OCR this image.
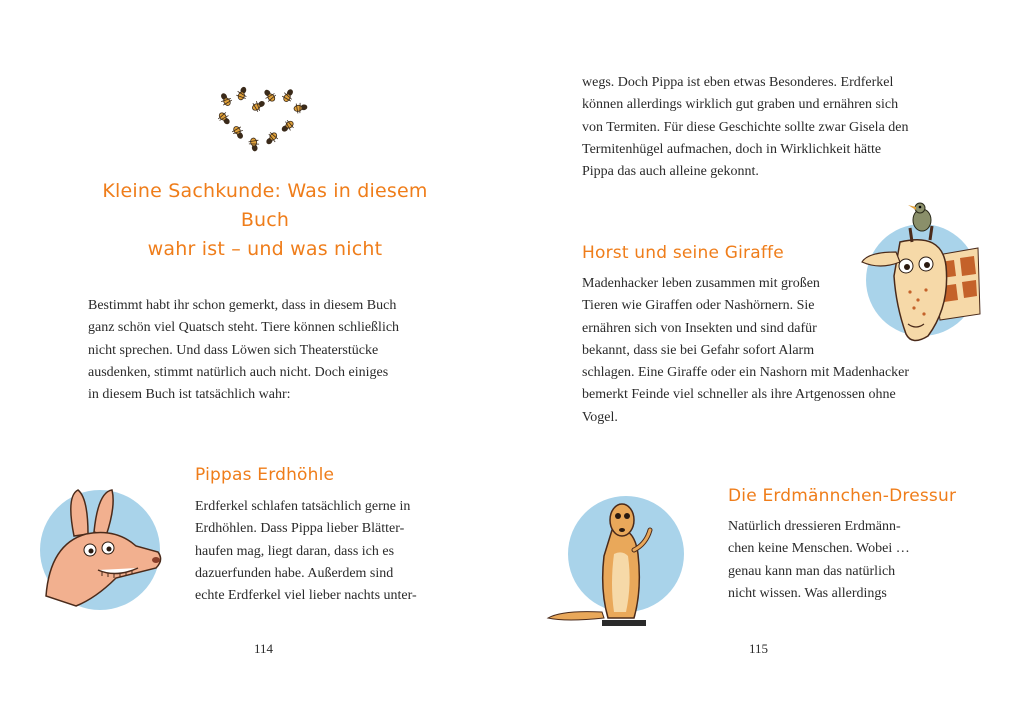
Kleine Sachkunde: Was in diesem Buch
wahr ist – und was nicht

Bestimmt habt ihr schon gemerkt, dass in diesem Buch
ganz schön viel Quatsch steht. Tiere können schließlich
nicht sprechen. Und dass Löwen sich Theaterstücke
ausdenken, stimmt natürlich auch nicht. Doch einiges
in diesem Buch ist tatsächlich wahr:

Pippas Erdhöhle

Erdferkel schlafen tatsächlich gerne in
Erdhöhlen. Dass Pippa lieber Blätter-
haufen mag, liegt daran, dass ich es
dazuerfunden habe. Außerdem sind
echte Erdferkel viel lieber nachts unter-

114

wegs. Doch Pippa ist eben etwas Besonderes. Erdferkel
können allerdings wirklich gut graben und ernähren sich
von Termiten. Für diese Geschichte sollte zwar Gisela den
Termitenhügel aufmachen, doch in Wirklichkeit hätte
Pippa das auch alleine gekonnt.

Horst und seine Giraffe

Madenhacker leben zusammen mit großen
Tieren wie Giraffen oder Nashörnern. Sie
ernähren sich von Insekten und sind dafür
bekannt, dass sie bei Gefahr sofort Alarm
schlagen. Eine Giraffe oder ein Nashorn mit Madenhacker
bemerkt Feinde viel schneller als ihre Artgenossen ohne
Vogel.

Die Erdmännchen-Dressur

Natürlich dressieren Erdmänn-
chen keine Menschen. Wobei …
genau kann man das natürlich
nicht wissen. Was allerdings

115
